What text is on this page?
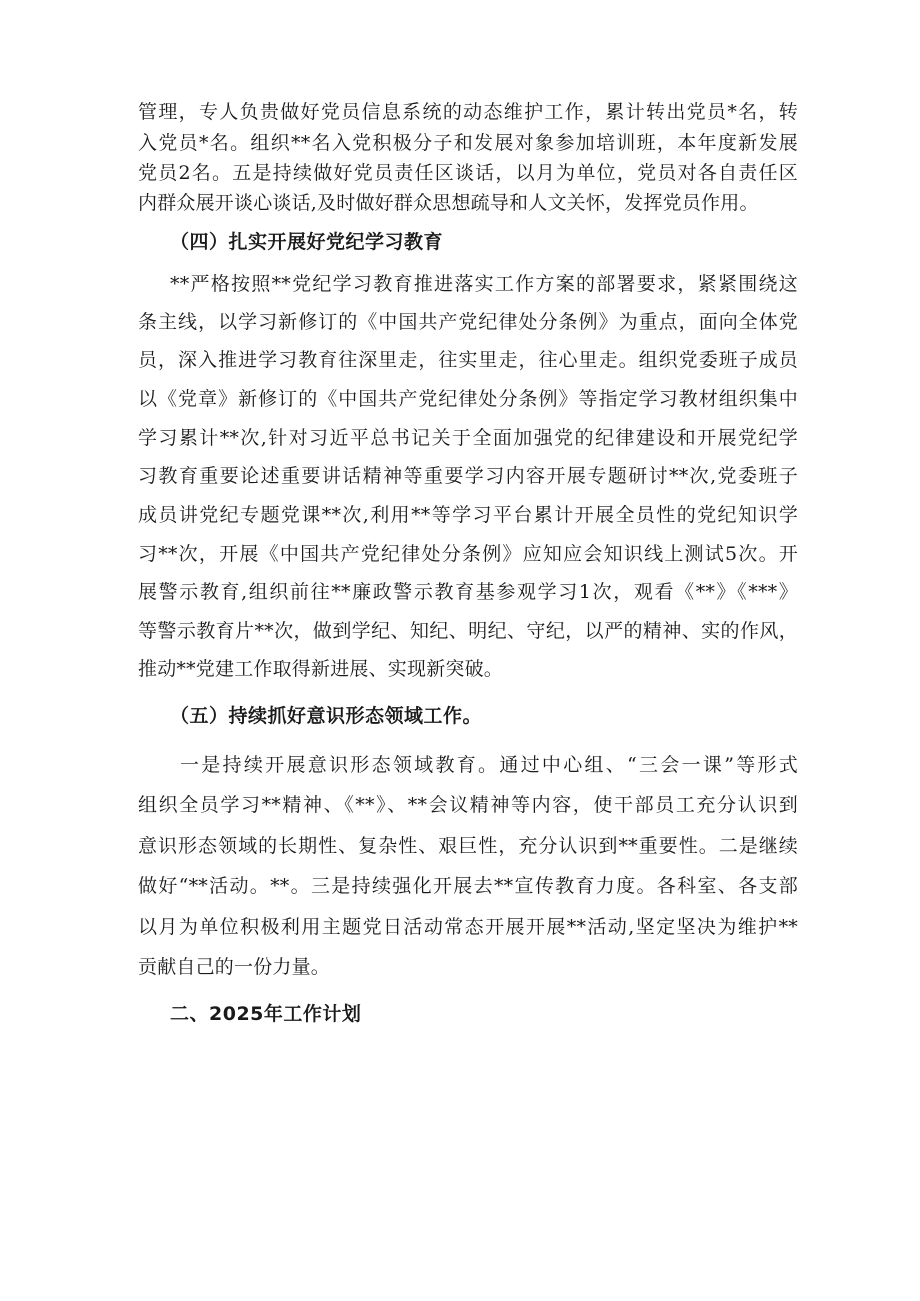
管理，专人负贵做好党员信息系统的动态维护工作，累计转出党员*名，转
入党员*名。组织**名入党积极分子和发展对象参加培训班，本年度新发展
党员2名。五是持续做好党员责任区谈话，以月为单位，党员对各自责任区
内群众展开谈心谈话,及时做好群众思想疏导和人文关怀，发挥党员作用。
（四）扎实开展好党纪学习教育
**严格按照**党纪学习教育推进落实工作方案的部署要求，紧紧围绕这
条主线，以学习新修订的《中国共产党纪律处分条例》为重点，面向全体党
员，深入推进学习教育往深里走，往实里走，往心里走。组织党委班子成员
以《党章》新修订的《中国共产党纪律处分条例》等指定学习教材组织集中
学习累计**次,针对习近平总书记关于全面加强党的纪律建设和开展党纪学
习教育重要论述重要讲话精神等重要学习内容开展专题研讨**次,党委班子
成员讲党纪专题党课**次,利用**等学习平台累计开展全员性的党纪知识学
习**次，开展《中国共产党纪律处分条例》应知应会知识线上测试5次。开
展警示教育,组织前往**廉政警示教育基参观学习1次，观看《**》《***》
等警示教育片**次，做到学纪、知纪、明纪、守纪，以严的精神、实的作风，
推动**党建工作取得新进展、实现新突破。
（五）持续抓好意识形态领域工作。
一是持续开展意识形态领域教育。通过中心组、“三会一课”等形式
组织全员学习**精神、《**》、**会议精神等内容，使干部员工充分认识到
意识形态领域的长期性、复杂性、艰巨性，充分认识到**重要性。二是继续
做好“**活动。**。三是持续强化开展去**宣传教育力度。各科室、各支部
以月为单位积极利用主题党日活动常态开展开展**活动,坚定坚决为维护**
贡献自己的一份力量。
二、2025年工作计划
